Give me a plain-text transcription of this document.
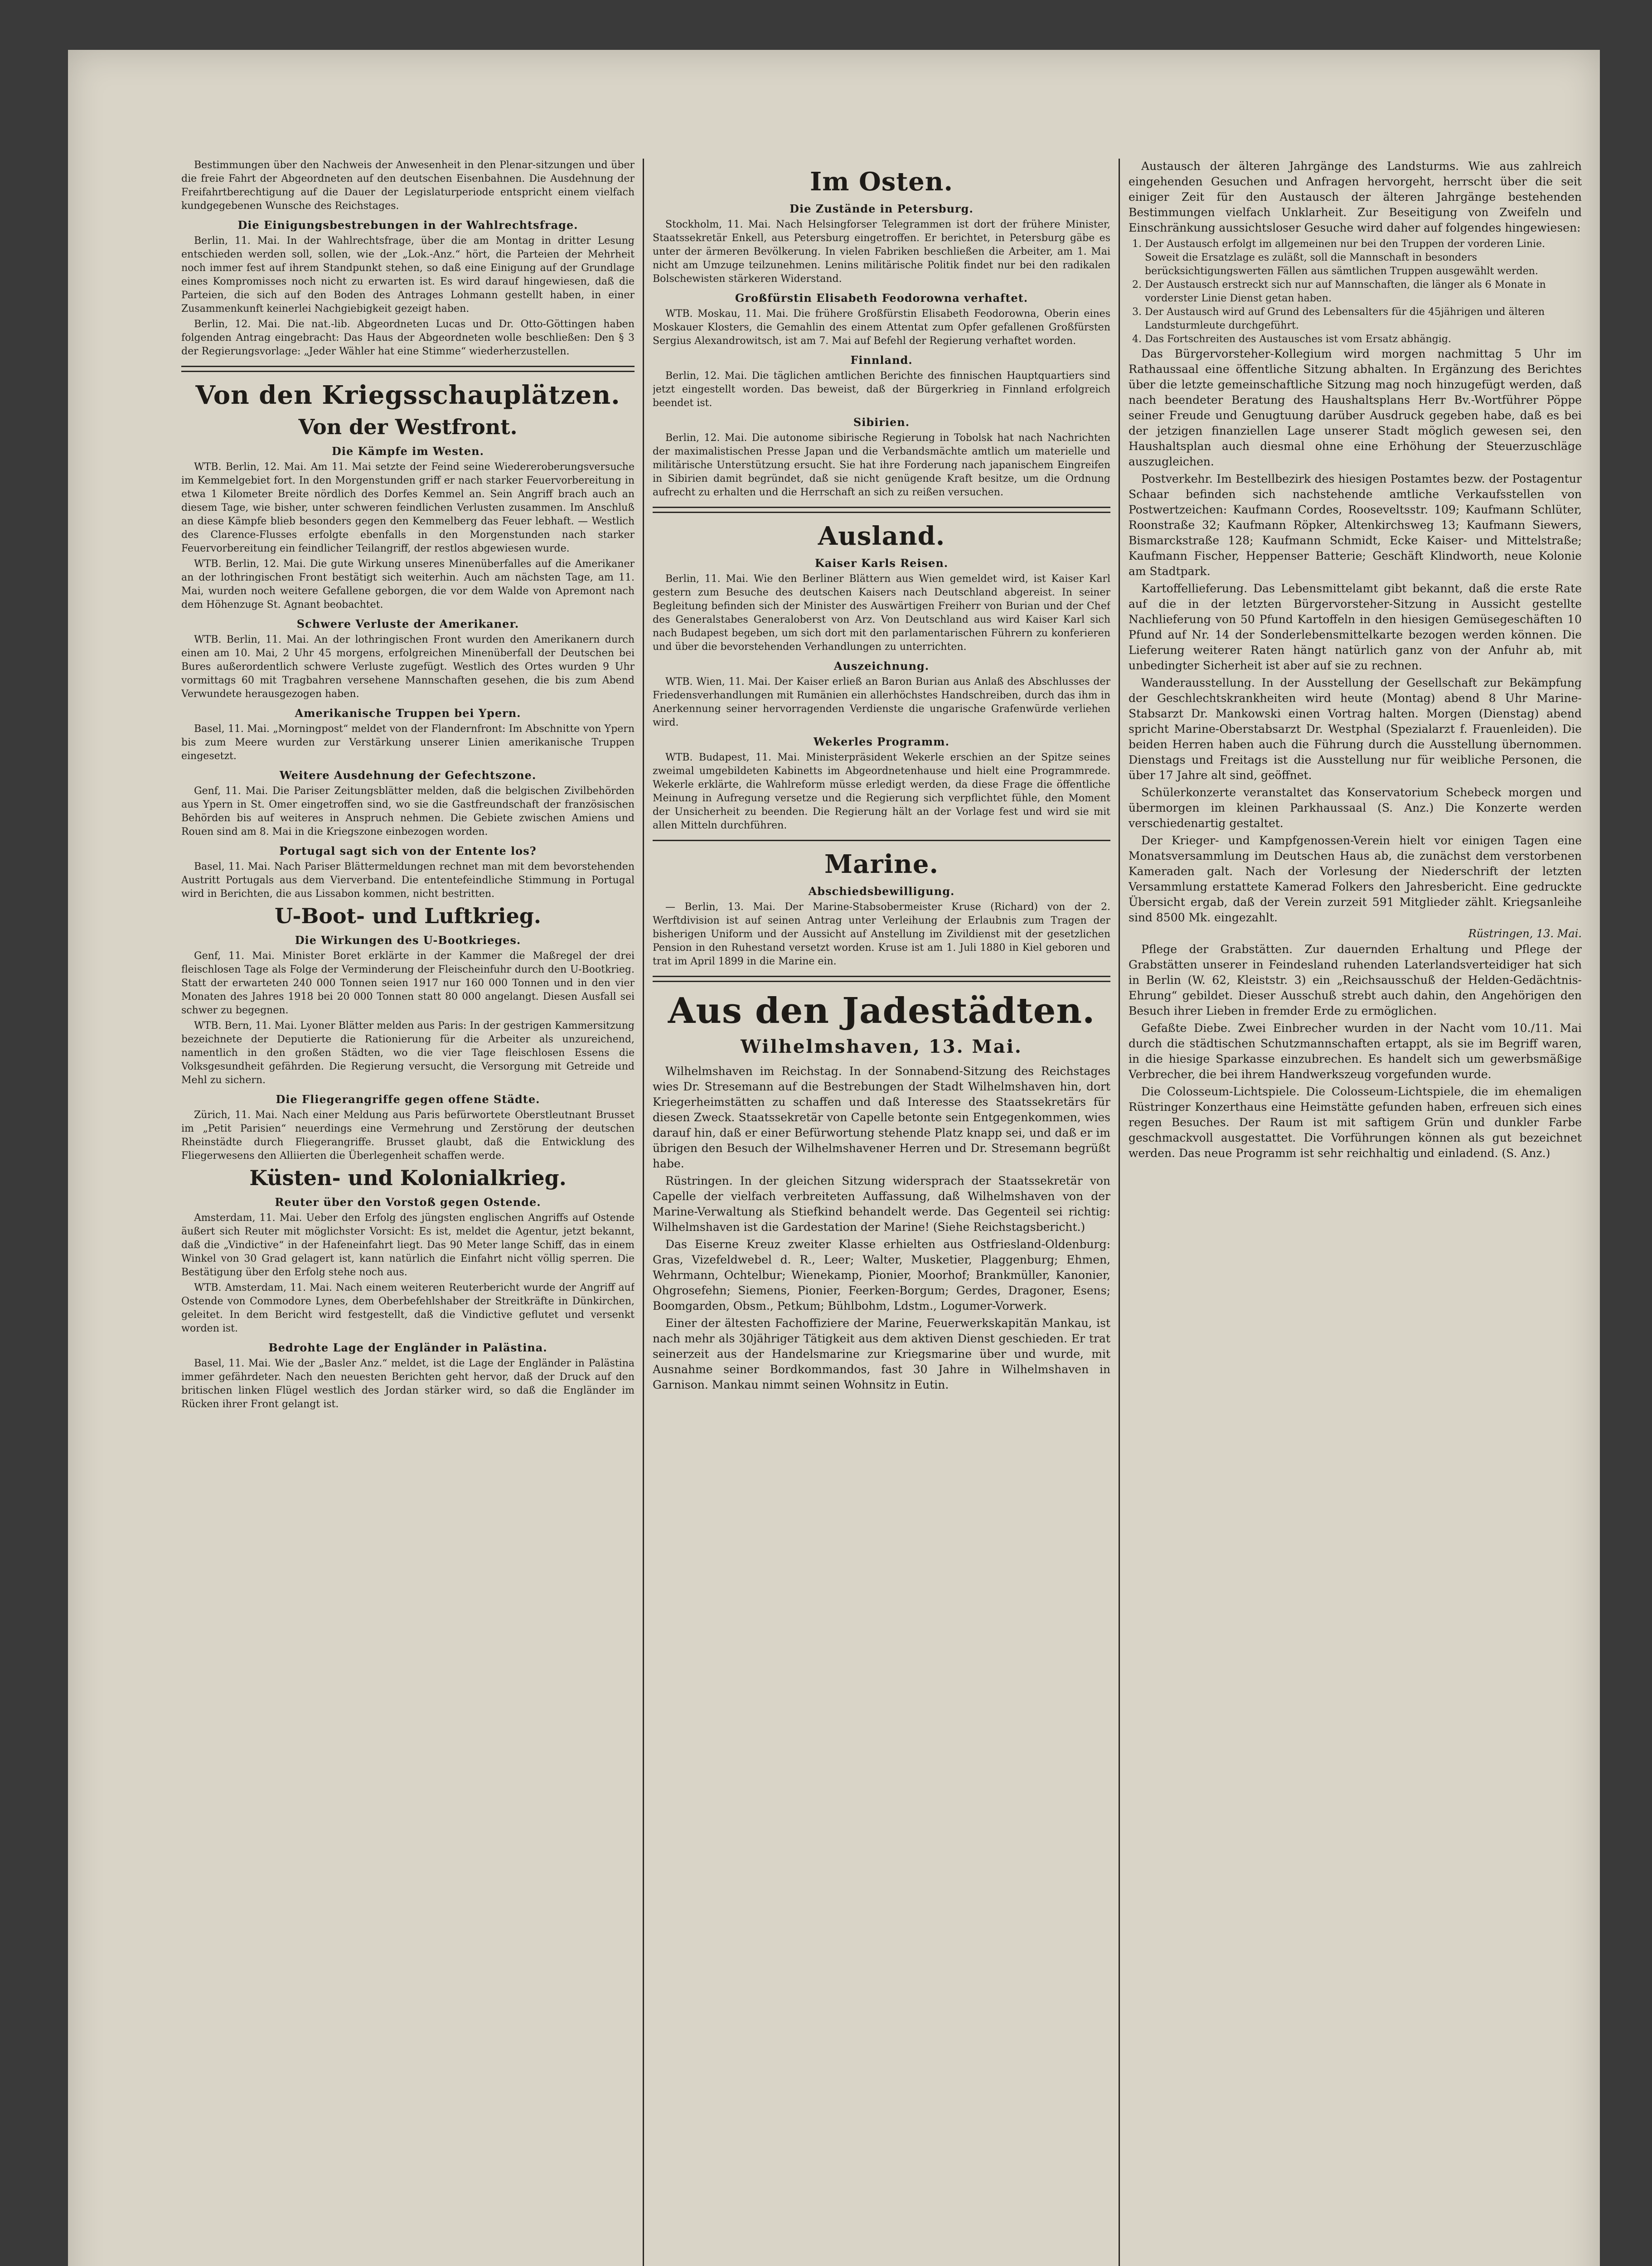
Bestimmungen über den Nachweis der Anwesenheit in den Plenar-sitzungen und über die freie Fahrt der Abgeordneten auf den deutschen Eisenbahnen. Die Ausdehnung der Freifahrtberechtigung auf die Dauer der Legislaturperiode entspricht einem vielfach kundgegebenen Wunsche des Reichstages.

Die Einigungsbestrebungen in der Wahlrechtsfrage.

Berlin, 11. Mai. In der Wahlrechtsfrage, über die am Montag in dritter Lesung entschieden werden soll, sollen, wie der „Lok.-Anz.“ hört, die Parteien der Mehrheit noch immer fest auf ihrem Standpunkt stehen, so daß eine Einigung auf der Grundlage eines Kompromisses noch nicht zu erwarten ist. Es wird darauf hingewiesen, daß die Parteien, die sich auf den Boden des Antrages Lohmann gestellt haben, in einer Zusammenkunft keinerlei Nachgiebigkeit gezeigt haben.

Berlin, 12. Mai. Die nat.-lib. Abgeordneten Lucas und Dr. Otto-Göttingen haben folgenden Antrag eingebracht: Das Haus der Abgeordneten wolle beschließen: Den § 3 der Regierungsvorlage: „Jeder Wähler hat eine Stimme“ wiederherzustellen.

Von den Kriegsschauplätzen.
Von der Westfront.
Die Kämpfe im Westen.

WTB. Berlin, 12. Mai. Am 11. Mai setzte der Feind seine Wiedereroberungsversuche im Kemmelgebiet fort. In den Morgenstunden griff er nach starker Feuervorbereitung in etwa 1 Kilometer Breite nördlich des Dorfes Kemmel an. Sein Angriff brach auch an diesem Tage, wie bisher, unter schweren feindlichen Verlusten zusammen. Im Anschluß an diese Kämpfe blieb besonders gegen den Kemmelberg das Feuer lebhaft. — Westlich des Clarence-Flusses erfolgte ebenfalls in den Morgenstunden nach starker Feuervorbereitung ein feindlicher Teilangriff, der restlos abgewiesen wurde.

WTB. Berlin, 12. Mai. Die gute Wirkung unseres Minenüberfalles auf die Amerikaner an der lothringischen Front bestätigt sich weiterhin. Auch am nächsten Tage, am 11. Mai, wurden noch weitere Gefallene geborgen, die vor dem Walde von Apremont nach dem Höhenzuge St. Agnant beobachtet.

Schwere Verluste der Amerikaner.

WTB. Berlin, 11. Mai. An der lothringischen Front wurden den Amerikanern durch einen am 10. Mai, 2 Uhr 45 morgens, erfolgreichen Minenüberfall der Deutschen bei Bures außerordentlich schwere Verluste zugefügt. Westlich des Ortes wurden 9 Uhr vormittags 60 mit Tragbahren versehene Mannschaften gesehen, die bis zum Abend Verwundete herausgezogen haben.

Amerikanische Truppen bei Ypern.

Basel, 11. Mai. „Morningpost“ meldet von der Flandernfront: Im Abschnitte von Ypern bis zum Meere wurden zur Verstärkung unserer Linien amerikanische Truppen eingesetzt.

Weitere Ausdehnung der Gefechtszone.

Genf, 11. Mai. Die Pariser Zeitungsblätter melden, daß die belgischen Zivilbehörden aus Ypern in St. Omer eingetroffen sind, wo sie die Gastfreundschaft der französischen Behörden bis auf weiteres in Anspruch nehmen. Die Gebiete zwischen Amiens und Rouen sind am 8. Mai in die Kriegszone einbezogen worden.

Portugal sagt sich von der Entente los?

Basel, 11. Mai. Nach Pariser Blättermeldungen rechnet man mit dem bevorstehenden Austritt Portugals aus dem Vierverband. Die ententefeindliche Stimmung in Portugal wird in Berichten, die aus Lissabon kommen, nicht bestritten.

U-Boot- und Luftkrieg.
Die Wirkungen des U-Bootkrieges.

Genf, 11. Mai. Minister Boret erklärte in der Kammer die Maßregel der drei fleischlosen Tage als Folge der Verminderung der Fleischeinfuhr durch den U-Bootkrieg. Statt der erwarteten 240 000 Tonnen seien 1917 nur 160 000 Tonnen und in den vier Monaten des Jahres 1918 bei 20 000 Tonnen statt 80 000 angelangt. Diesen Ausfall sei schwer zu begegnen.

WTB. Bern, 11. Mai. Lyoner Blätter melden aus Paris: In der gestrigen Kammersitzung bezeichnete der Deputierte die Rationierung für die Arbeiter als unzureichend, namentlich in den großen Städten, wo die vier Tage fleischlosen Essens die Volksgesundheit gefährden. Die Regierung versucht, die Versorgung mit Getreide und Mehl zu sichern.

Die Fliegerangriffe gegen offene Städte.

Zürich, 11. Mai. Nach einer Meldung aus Paris befürwortete Oberstleutnant Brusset im „Petit Parisien“ neuerdings eine Vermehrung und Zerstörung der deutschen Rheinstädte durch Fliegerangriffe. Brusset glaubt, daß die Entwicklung des Fliegerwesens den Alliierten die Überlegenheit schaffen werde.

Küsten- und Kolonialkrieg.
Reuter über den Vorstoß gegen Ostende.

Amsterdam, 11. Mai. Ueber den Erfolg des jüngsten englischen Angriffs auf Ostende äußert sich Reuter mit möglichster Vorsicht: Es ist, meldet die Agentur, jetzt bekannt, daß die „Vindictive“ in der Hafeneinfahrt liegt. Das 90 Meter lange Schiff, das in einem Winkel von 30 Grad gelagert ist, kann natürlich die Einfahrt nicht völlig sperren. Die Bestätigung über den Erfolg stehe noch aus.

WTB. Amsterdam, 11. Mai. Nach einem weiteren Reuterbericht wurde der Angriff auf Ostende von Commodore Lynes, dem Oberbefehlshaber der Streitkräfte in Dünkirchen, geleitet. In dem Bericht wird festgestellt, daß die Vindictive geflutet und versenkt worden ist.

Bedrohte Lage der Engländer in Palästina.

Basel, 11. Mai. Wie der „Basler Anz.“ meldet, ist die Lage der Engländer in Palästina immer gefährdeter. Nach den neuesten Berichten geht hervor, daß der Druck auf den britischen linken Flügel westlich des Jordan stärker wird, so daß die Engländer im Rücken ihrer Front gelangt ist.

Im Osten.
Die Zustände in Petersburg.

Stockholm, 11. Mai. Nach Helsingforser Telegrammen ist dort der frühere Minister, Staatssekretär Enkell, aus Petersburg eingetroffen. Er berichtet, in Petersburg gäbe es unter der ärmeren Bevölkerung. In vielen Fabriken beschließen die Arbeiter, am 1. Mai nicht am Umzuge teilzunehmen. Lenins militärische Politik findet nur bei den radikalen Bolschewisten stärkeren Widerstand.

Großfürstin Elisabeth Feodorowna verhaftet.

WTB. Moskau, 11. Mai. Die frühere Großfürstin Elisabeth Feodorowna, Oberin eines Moskauer Klosters, die Gemahlin des einem Attentat zum Opfer gefallenen Großfürsten Sergius Alexandrowitsch, ist am 7. Mai auf Befehl der Regierung verhaftet worden.

Finnland.

Berlin, 12. Mai. Die täglichen amtlichen Berichte des finnischen Hauptquartiers sind jetzt eingestellt worden. Das beweist, daß der Bürgerkrieg in Finnland erfolgreich beendet ist.

Sibirien.

Berlin, 12. Mai. Die autonome sibirische Regierung in Tobolsk hat nach Nachrichten der maximalistischen Presse Japan und die Verbandsmächte amtlich um materielle und militärische Unterstützung ersucht. Sie hat ihre Forderung nach japanischem Eingreifen in Sibirien damit begründet, daß sie nicht genügende Kraft besitze, um die Ordnung aufrecht zu erhalten und die Herrschaft an sich zu reißen versuchen.

Ausland.
Kaiser Karls Reisen.

Berlin, 11. Mai. Wie den Berliner Blättern aus Wien gemeldet wird, ist Kaiser Karl gestern zum Besuche des deutschen Kaisers nach Deutschland abgereist. In seiner Begleitung befinden sich der Minister des Auswärtigen Freiherr von Burian und der Chef des Generalstabes Generaloberst von Arz. Von Deutschland aus wird Kaiser Karl sich nach Budapest begeben, um sich dort mit den parlamentarischen Führern zu konferieren und über die bevorstehenden Verhandlungen zu unterrichten.

Auszeichnung.

WTB. Wien, 11. Mai. Der Kaiser erließ an Baron Burian aus Anlaß des Abschlusses der Friedensverhandlungen mit Rumänien ein allerhöchstes Handschreiben, durch das ihm in Anerkennung seiner hervorragenden Verdienste die ungarische Grafenwürde verliehen wird.

Wekerles Programm.

WTB. Budapest, 11. Mai. Ministerpräsident Wekerle erschien an der Spitze seines zweimal umgebildeten Kabinetts im Abgeordnetenhause und hielt eine Programmrede. Wekerle erklärte, die Wahlreform müsse erledigt werden, da diese Frage die öffentliche Meinung in Aufregung versetze und die Regierung sich verpflichtet fühle, den Moment der Unsicherheit zu beenden. Die Regierung hält an der Vorlage fest und wird sie mit allen Mitteln durchführen.

Marine.
Abschiedsbewilligung.

— Berlin, 13. Mai. Der Marine-Stabsobermeister Kruse (Richard) von der 2. Werftdivision ist auf seinen Antrag unter Verleihung der Erlaubnis zum Tragen der bisherigen Uniform und der Aussicht auf Anstellung im Zivildienst mit der gesetzlichen Pension in den Ruhestand versetzt worden. Kruse ist am 1. Juli 1880 in Kiel geboren und trat im April 1899 in die Marine ein.

Aus den Jadestädten.
Wilhelmshaven, 13. Mai.

Wilhelmshaven im Reichstag. In der Sonnabend-Sitzung des Reichstages wies Dr. Stresemann auf die Bestrebungen der Stadt Wilhelmshaven hin, dort Kriegerheimstätten zu schaffen und daß Interesse des Staatssekretärs für diesen Zweck. Staatssekretär von Capelle betonte sein Entgegenkommen, wies darauf hin, daß er einer Befürwortung stehende Platz knapp sei, und daß er im übrigen den Besuch der Wilhelmshavener Herren und Dr. Stresemann begrüßt habe.

Rüstringen. In der gleichen Sitzung widersprach der Staatssekretär von Capelle der vielfach verbreiteten Auffassung, daß Wilhelmshaven von der Marine-Verwaltung als Stiefkind behandelt werde. Das Gegenteil sei richtig: Wilhelmshaven ist die Gardestation der Marine! (Siehe Reichstagsbericht.)

Das Eiserne Kreuz zweiter Klasse erhielten aus Ostfriesland-Oldenburg: Gras, Vizefeldwebel d. R., Leer; Walter, Musketier, Plaggenburg; Ehmen, Wehrmann, Ochtelbur; Wienekamp, Pionier, Moorhof; Brankmüller, Kanonier, Ohgrosefehn; Siemens, Pionier, Feerken-Borgum; Gerdes, Dragoner, Esens; Boomgarden, Obsm., Petkum; Bühlbohm, Ldstm., Logumer-Vorwerk.

Einer der ältesten Fachoffiziere der Marine, Feuerwerkskapitän Mankau, ist nach mehr als 30jähriger Tätigkeit aus dem aktiven Dienst geschieden. Er trat seinerzeit aus der Handelsmarine zur Kriegsmarine über und wurde, mit Ausnahme seiner Bordkommandos, fast 30 Jahre in Wilhelmshaven in Garnison. Mankau nimmt seinen Wohnsitz in Eutin.

Austausch der älteren Jahrgänge des Landsturms. Wie aus zahlreich eingehenden Gesuchen und Anfragen hervorgeht, herrscht über die seit einiger Zeit für den Austausch der älteren Jahrgänge bestehenden Bestimmungen vielfach Unklarheit. Zur Beseitigung von Zweifeln und Einschränkung aussichtsloser Gesuche wird daher auf folgendes hingewiesen:

1. Der Austausch erfolgt im allgemeinen nur bei den Truppen der vorderen Linie. Soweit die Ersatzlage es zuläßt, soll die Mannschaft in besonders berücksichtigungswerten Fällen aus sämtlichen Truppen ausgewählt werden.
2. Der Austausch erstreckt sich nur auf Mannschaften, die länger als 6 Monate in vorderster Linie Dienst getan haben.
3. Der Austausch wird auf Grund des Lebensalters für die 45jährigen und älteren Landsturmleute durchgeführt.
4. Das Fortschreiten des Austausches ist vom Ersatz abhängig.

Das Bürgervorsteher-Kollegium wird morgen nachmittag 5 Uhr im Rathaussaal eine öffentliche Sitzung abhalten. In Ergänzung des Berichtes über die letzte gemeinschaftliche Sitzung mag noch hinzugefügt werden, daß nach beendeter Beratung des Haushaltsplans Herr Bv.-Wortführer Pöppe seiner Freude und Genugtuung darüber Ausdruck gegeben habe, daß es bei der jetzigen finanziellen Lage unserer Stadt möglich gewesen sei, den Haushaltsplan auch diesmal ohne eine Erhöhung der Steuerzuschläge auszugleichen.

Postverkehr. Im Bestellbezirk des hiesigen Postamtes bezw. der Postagentur Schaar befinden sich nachstehende amtliche Verkaufsstellen von Postwertzeichen: Kaufmann Cordes, Rooseveltsstr. 109; Kaufmann Schlüter, Roonstraße 32; Kaufmann Röpker, Altenkirchsweg 13; Kaufmann Siewers, Bismarckstraße 128; Kaufmann Schmidt, Ecke Kaiser- und Mittelstraße; Kaufmann Fischer, Heppenser Batterie; Geschäft Klindworth, neue Kolonie am Stadtpark.

Kartoffellieferung. Das Lebensmittelamt gibt bekannt, daß die erste Rate auf die in der letzten Bürgervorsteher-Sitzung in Aussicht gestellte Nachlieferung von 50 Pfund Kartoffeln in den hiesigen Gemüsegeschäften 10 Pfund auf Nr. 14 der Sonderlebensmittelkarte bezogen werden können. Die Lieferung weiterer Raten hängt natürlich ganz von der Anfuhr ab, mit unbedingter Sicherheit ist aber auf sie zu rechnen.

Wanderausstellung. In der Ausstellung der Gesellschaft zur Bekämpfung der Geschlechtskrankheiten wird heute (Montag) abend 8 Uhr Marine-Stabsarzt Dr. Mankowski einen Vortrag halten. Morgen (Dienstag) abend spricht Marine-Oberstabsarzt Dr. Westphal (Spezialarzt f. Frauenleiden). Die beiden Herren haben auch die Führung durch die Ausstellung übernommen. Dienstags und Freitags ist die Ausstellung nur für weibliche Personen, die über 17 Jahre alt sind, geöffnet.

Schülerkonzerte veranstaltet das Konservatorium Schebeck morgen und übermorgen im kleinen Parkhaussaal (S. Anz.) Die Konzerte werden verschiedenartig gestaltet.

Der Krieger- und Kampfgenossen-Verein hielt vor einigen Tagen eine Monatsversammlung im Deutschen Haus ab, die zunächst dem verstorbenen Kameraden galt. Nach der Vorlesung der Niederschrift der letzten Versammlung erstattete Kamerad Folkers den Jahresbericht. Eine gedruckte Übersicht ergab, daß der Verein zurzeit 591 Mitglieder zählt. Kriegsanleihe sind 8500 Mk. eingezahlt.

Rüstringen, 13. Mai.

Pflege der Grabstätten. Zur dauernden Erhaltung und Pflege der Grabstätten unserer in Feindesland ruhenden Laterlandsverteidiger hat sich in Berlin (W. 62, Kleiststr. 3) ein „Reichsausschuß der Helden-Gedächtnis-Ehrung“ gebildet. Dieser Ausschuß strebt auch dahin, den Angehörigen den Besuch ihrer Lieben in fremder Erde zu ermöglichen.

Gefaßte Diebe. Zwei Einbrecher wurden in der Nacht vom 10./11. Mai durch die städtischen Schutzmannschaften ertappt, als sie im Begriff waren, in die hiesige Sparkasse einzubrechen. Es handelt sich um gewerbsmäßige Verbrecher, die bei ihrem Handwerkszeug vorgefunden wurde.

Die Colosseum-Lichtspiele. Die Colosseum-Lichtspiele, die im ehemaligen Rüstringer Konzerthaus eine Heimstätte gefunden haben, erfreuen sich eines regen Besuches. Der Raum ist mit saftigem Grün und dunkler Farbe geschmackvoll ausgestattet. Die Vorführungen können als gut bezeichnet werden. Das neue Programm ist sehr reichhaltig und einladend. (S. Anz.)
